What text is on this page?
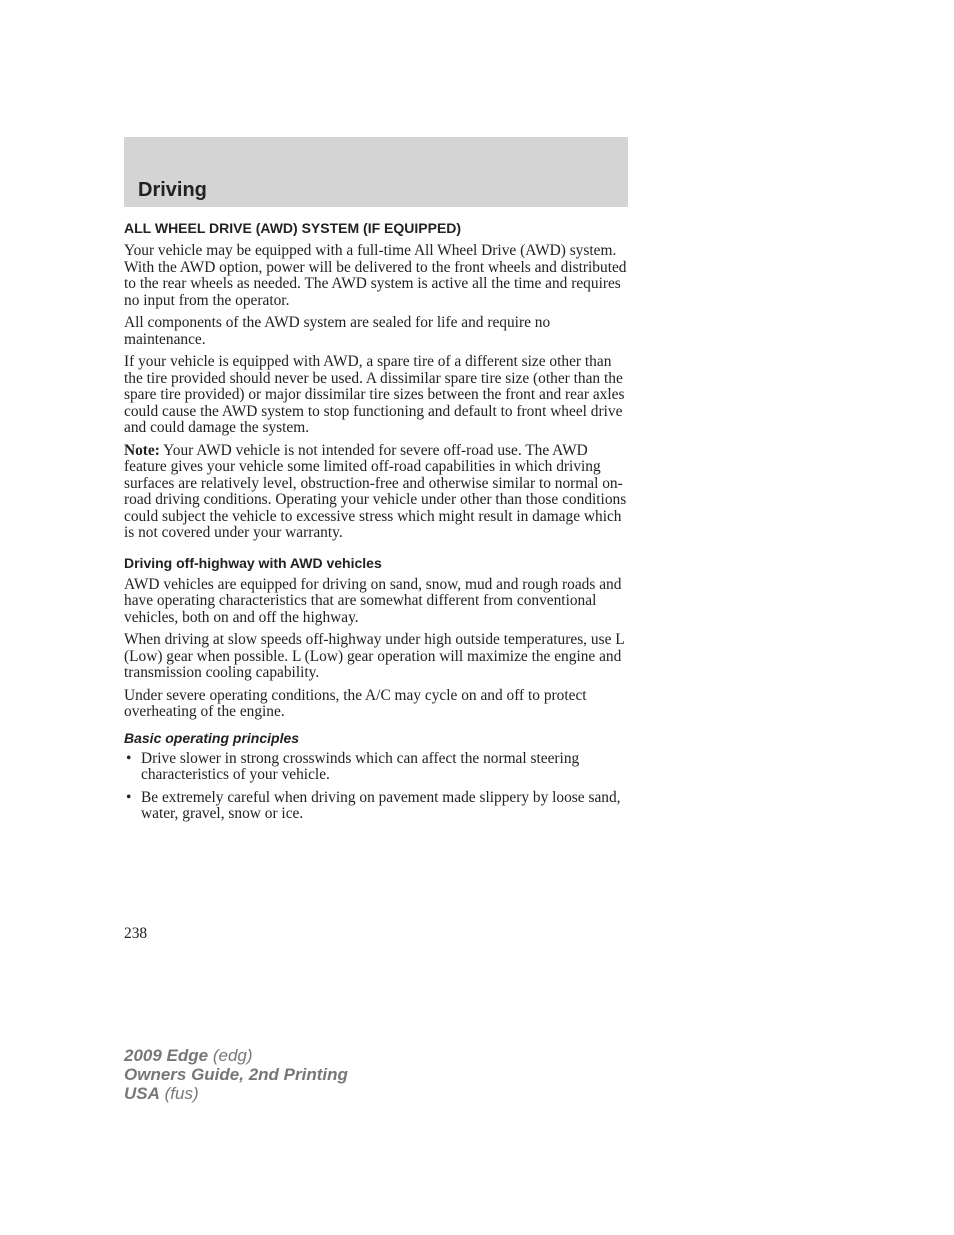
Driving
ALL WHEEL DRIVE (AWD) SYSTEM (IF EQUIPPED)

Your vehicle may be equipped with a full-time All Wheel Drive (AWD) system. With the AWD option, power will be delivered to the front wheels and distributed to the rear wheels as needed. The AWD system is active all the time and requires no input from the operator.

All components of the AWD system are sealed for life and require no maintenance.

If your vehicle is equipped with AWD, a spare tire of a different size other than the tire provided should never be used. A dissimilar spare tire size (other than the spare tire provided) or major dissimilar tire sizes between the front and rear axles could cause the AWD system to stop functioning and default to front wheel drive and could damage the system.

Note: Your AWD vehicle is not intended for severe off-road use. The AWD feature gives your vehicle some limited off-road capabilities in which driving surfaces are relatively level, obstruction-free and otherwise similar to normal on-road driving conditions. Operating your vehicle under other than those conditions could subject the vehicle to excessive stress which might result in damage which is not covered under your warranty.

Driving off-highway with AWD vehicles

AWD vehicles are equipped for driving on sand, snow, mud and rough roads and have operating characteristics that are somewhat different from conventional vehicles, both on and off the highway.

When driving at slow speeds off-highway under high outside temperatures, use L (Low) gear when possible. L (Low) gear operation will maximize the engine and transmission cooling capability.

Under severe operating conditions, the A/C may cycle on and off to protect overheating of the engine.

Basic operating principles
• Drive slower in strong crosswinds which can affect the normal steering characteristics of your vehicle.
• Be extremely careful when driving on pavement made slippery by loose sand, water, gravel, snow or ice.
238
2009 Edge (edg)
Owners Guide, 2nd Printing
USA (fus)
